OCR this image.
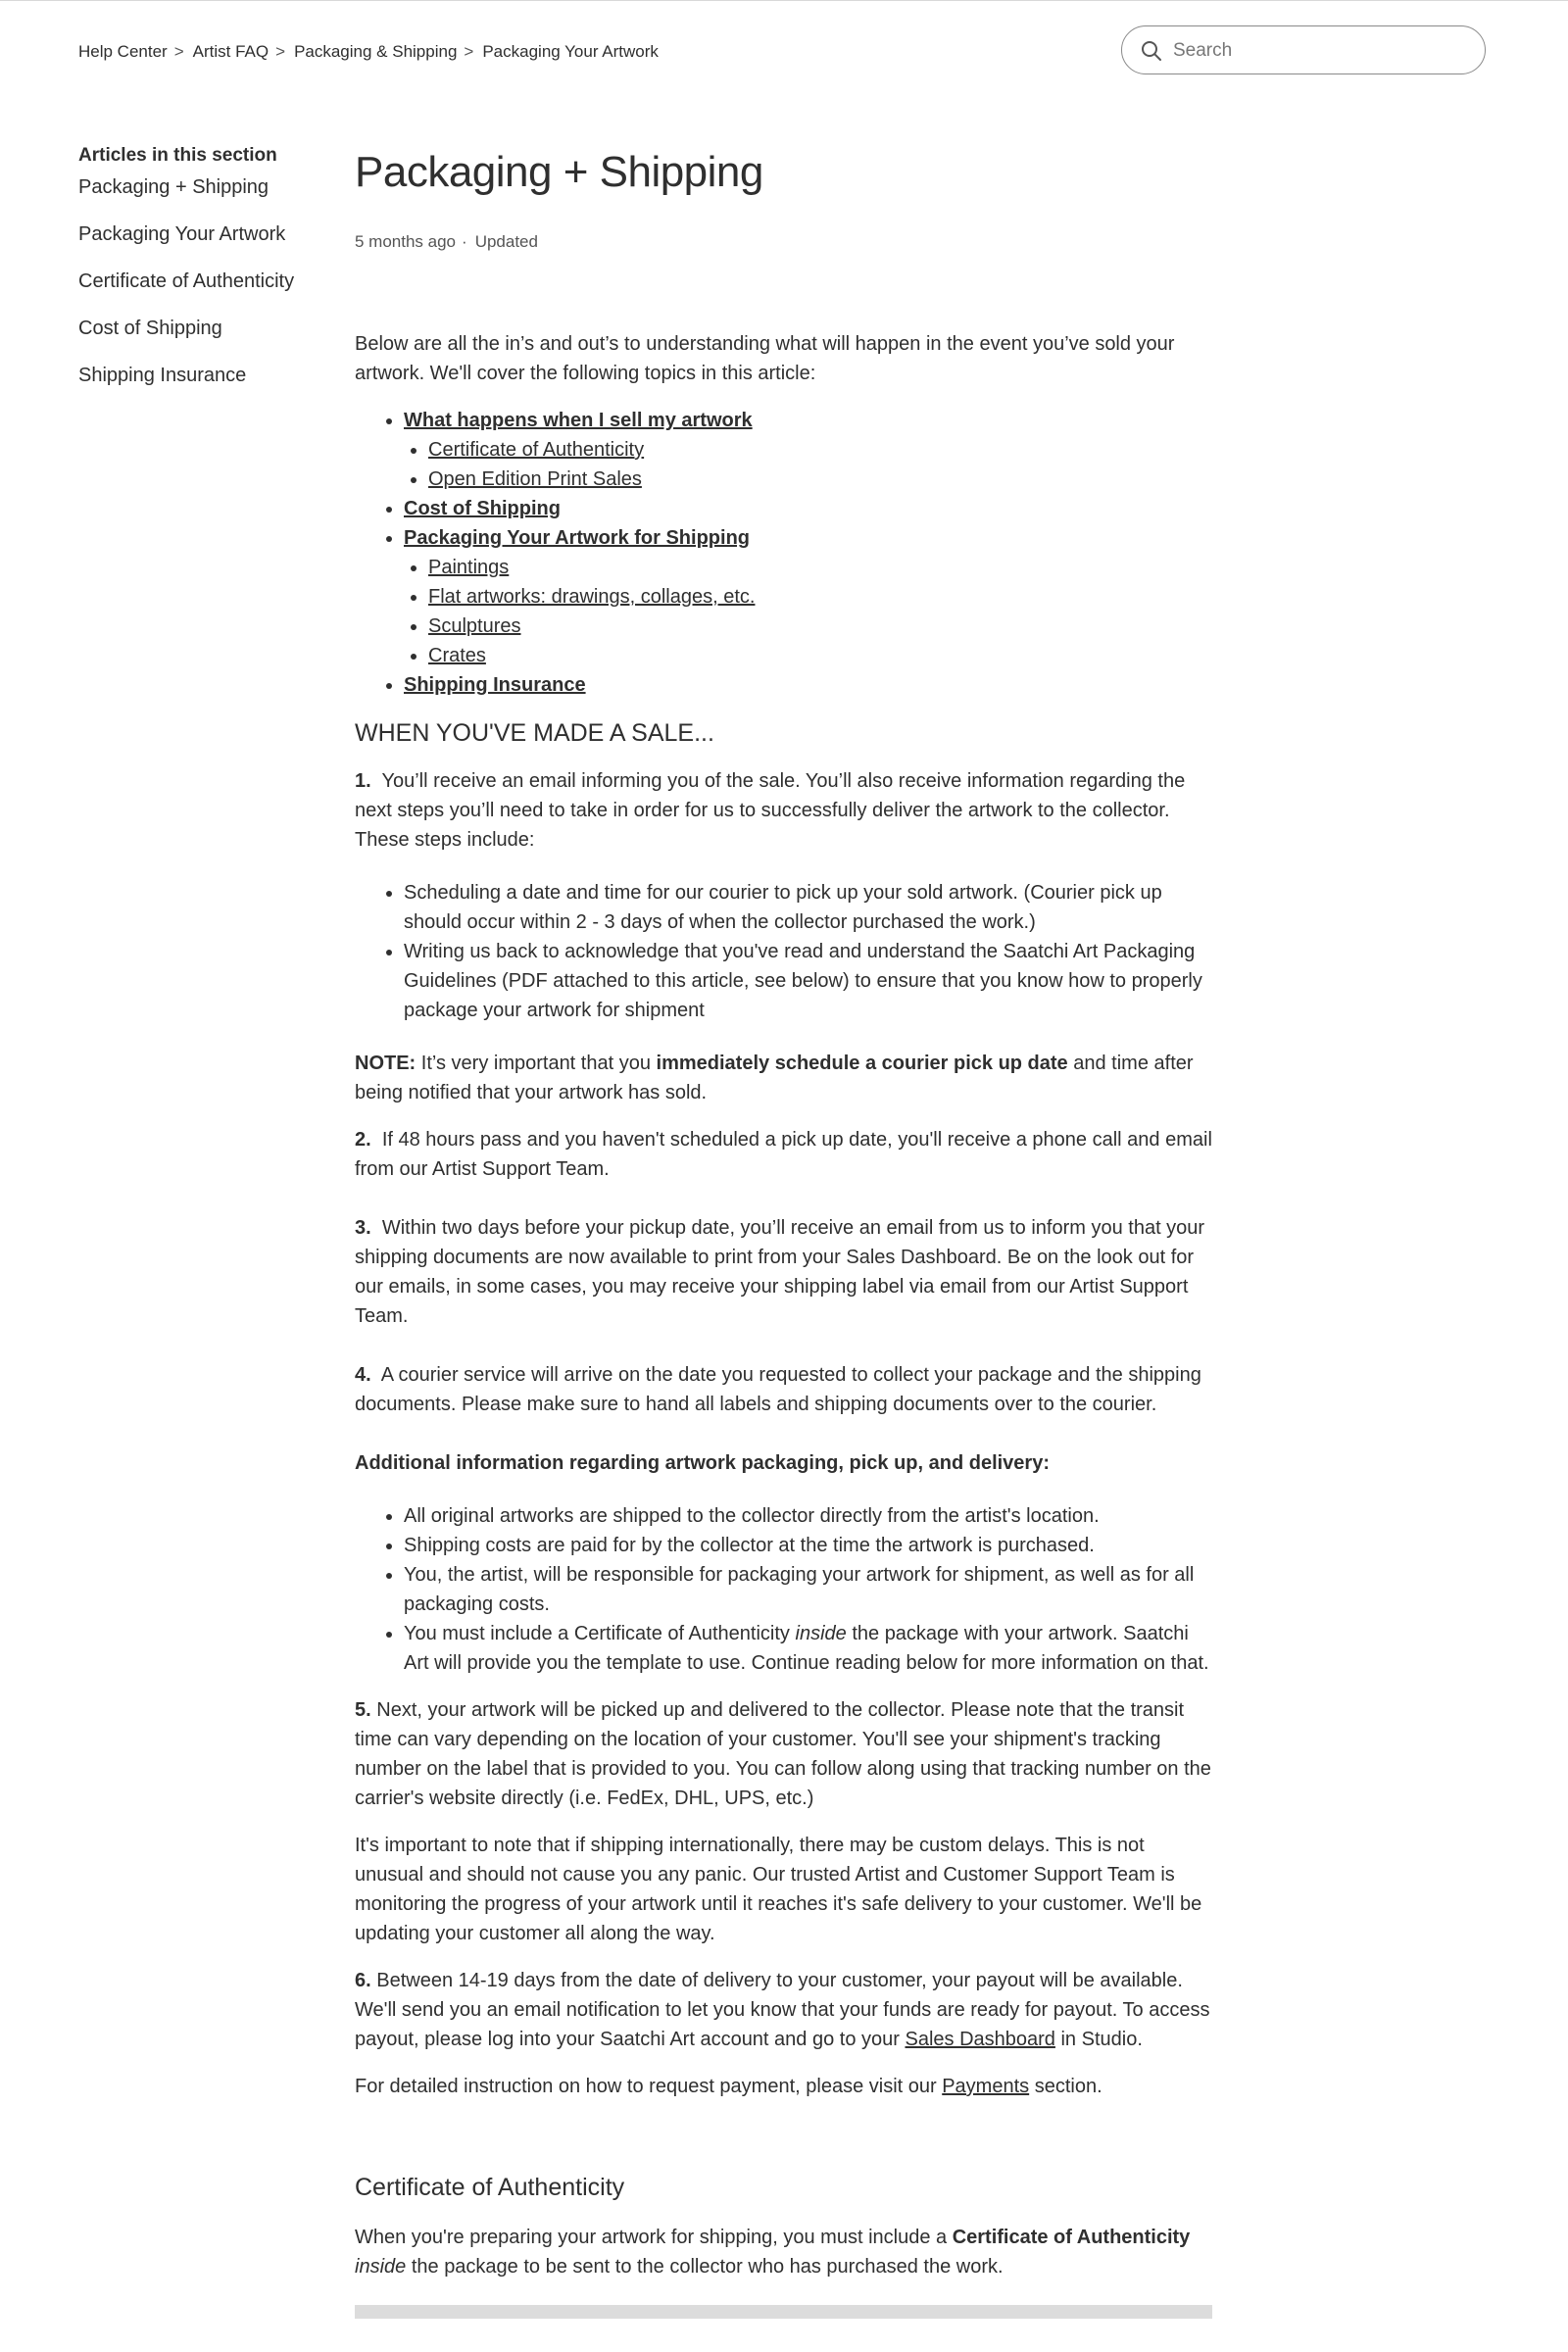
Help Center > Artist FAQ > Packaging & Shipping > Packaging Your Artwork
Search
Articles in this section
Packaging + Shipping
Packaging Your Artwork
Certificate of Authenticity
Cost of Shipping
Shipping Insurance
Packaging + Shipping
5 months ago · Updated

Below are all the in’s and out’s to understanding what will happen in the event you’ve sold your artwork. We'll cover the following topics in this article:

• What happens when I sell my artwork
• Certificate of Authenticity
• Open Edition Print Sales
• Cost of Shipping
• Packaging Your Artwork for Shipping
• Paintings
• Flat artworks: drawings, collages, etc.
• Sculptures
• Crates
• Shipping Insurance
WHEN YOU'VE MADE A SALE...

1. You’ll receive an email informing you of the sale. You’ll also receive information regarding the next steps you’ll need to take in order for us to successfully deliver the artwork to the collector. These steps include:

• Scheduling a date and time for our courier to pick up your sold artwork. (Courier pick up should occur within 2 - 3 days of when the collector purchased the work.)
• Writing us back to acknowledge that you've read and understand the Saatchi Art Packaging Guidelines (PDF attached to this article, see below) to ensure that you know how to properly package your artwork for shipment

NOTE: It’s very important that you immediately schedule a courier pick up date and time after being notified that your artwork has sold.

2. If 48 hours pass and you haven't scheduled a pick up date, you'll receive a phone call and email from our Artist Support Team.

3. Within two days before your pickup date, you’ll receive an email from us to inform you that your shipping documents are now available to print from your Sales Dashboard. Be on the look out for our emails, in some cases, you may receive your shipping label via email from our Artist Support Team.

4. A courier service will arrive on the date you requested to collect your package and the shipping documents. Please make sure to hand all labels and shipping documents over to the courier.

Additional information regarding artwork packaging, pick up, and delivery:

• All original artworks are shipped to the collector directly from the artist's location.
• Shipping costs are paid for by the collector at the time the artwork is purchased.
• You, the artist, will be responsible for packaging your artwork for shipment, as well as for all packaging costs.
• You must include a Certificate of Authenticity inside the package with your artwork. Saatchi Art will provide you the template to use. Continue reading below for more information on that.

5. Next, your artwork will be picked up and delivered to the collector. Please note that the transit time can vary depending on the location of your customer. You'll see your shipment's tracking number on the label that is provided to you. You can follow along using that tracking number on the carrier's website directly (i.e. FedEx, DHL, UPS, etc.)

It's important to note that if shipping internationally, there may be custom delays. This is not unusual and should not cause you any panic. Our trusted Artist and Customer Support Team is monitoring the progress of your artwork until it reaches it's safe delivery to your customer. We'll be updating your customer all along the way.

6. Between 14-19 days from the date of delivery to your customer, your payout will be available. We'll send you an email notification to let you know that your funds are ready for payout. To access payout, please log into your Saatchi Art account and go to your Sales Dashboard in Studio.

For detailed instruction on how to request payment, please visit our Payments section.

Certificate of Authenticity

When you're preparing your artwork for shipping, you must include a Certificate of Authenticity inside the package to be sent to the collector who has purchased the work.
